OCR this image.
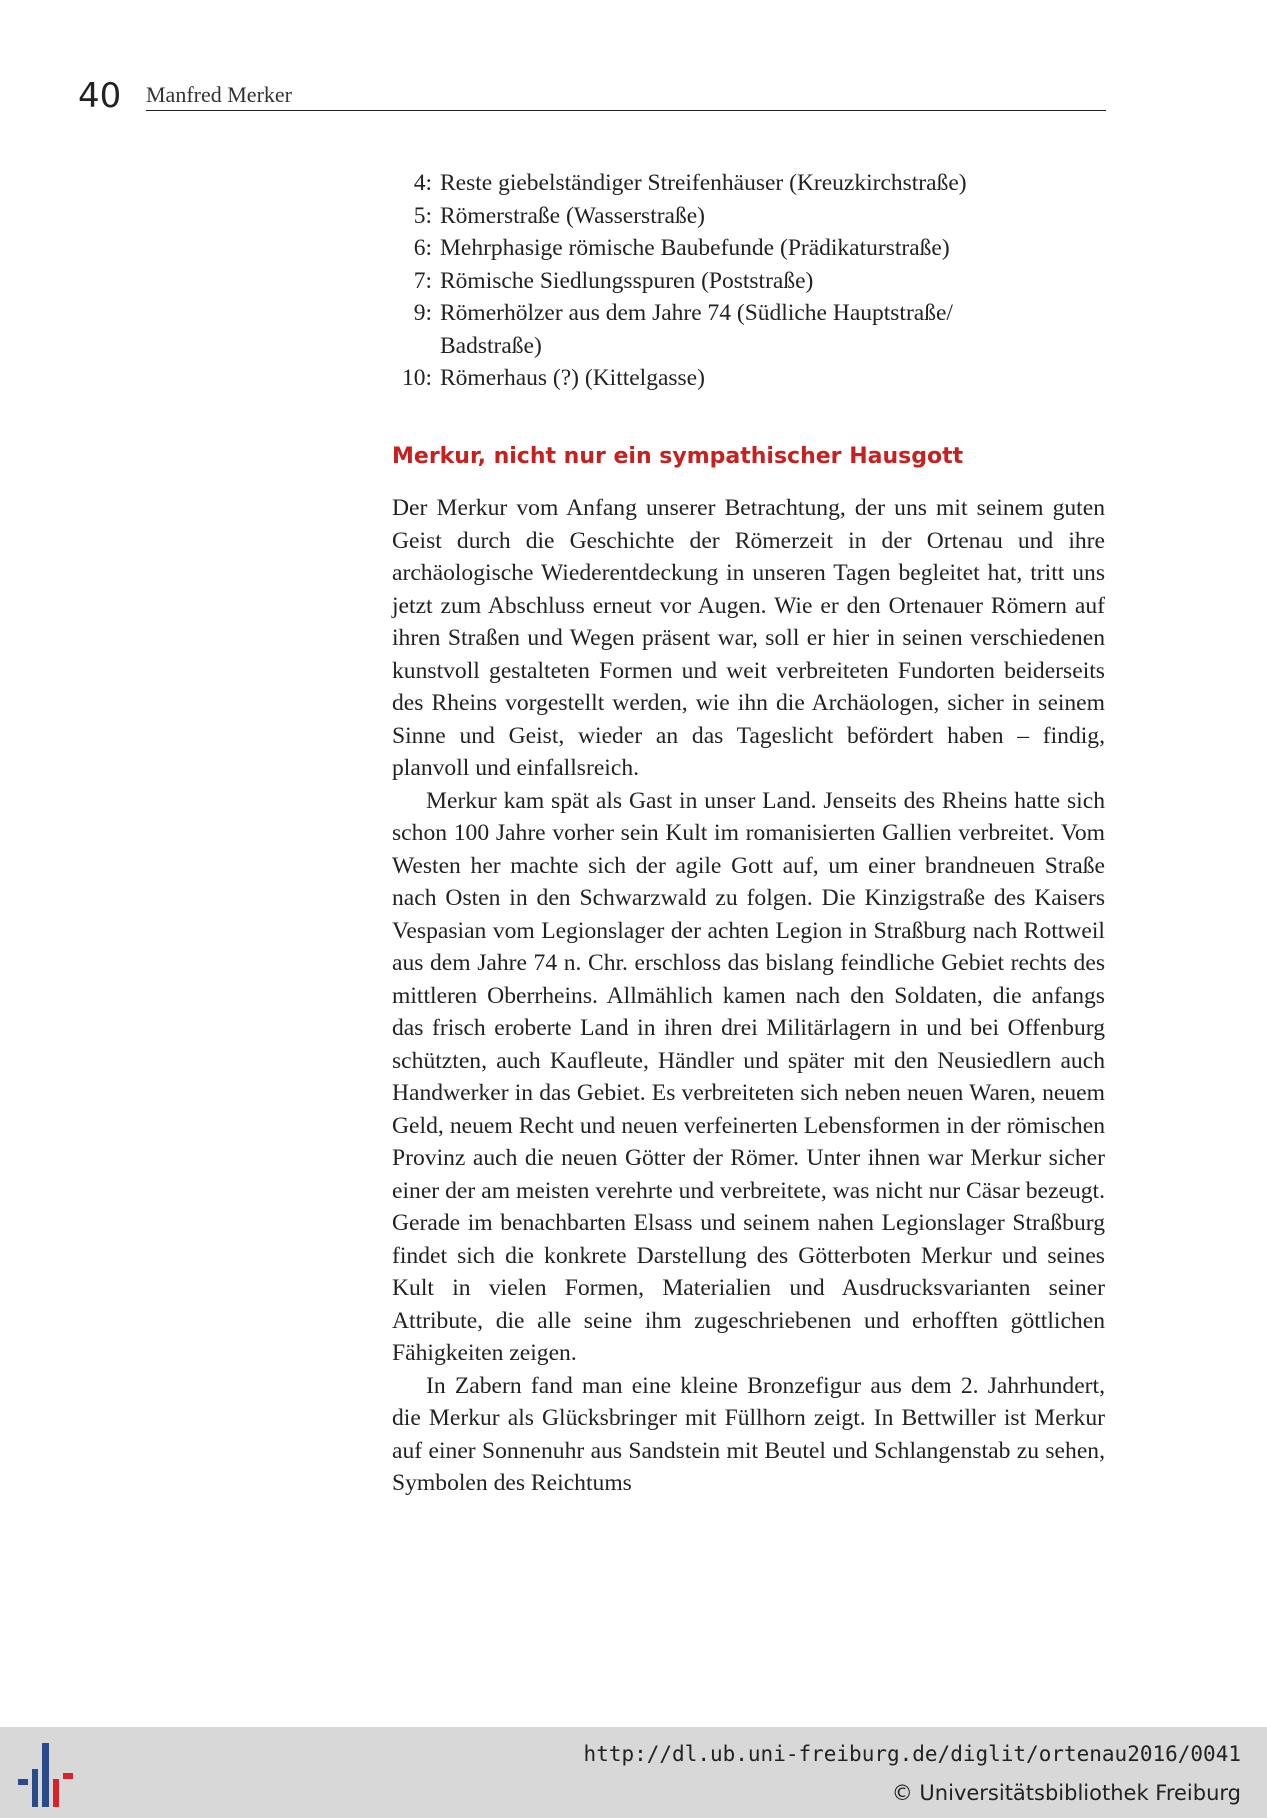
40 Manfred Merker
4: Reste giebelständiger Streifenhäuser (Kreuzkirchstraße)
5: Römerstraße (Wasserstraße)
6: Mehrphasige römische Baubefunde (Prädikaturstraße)
7: Römische Siedlungsspuren (Poststraße)
9: Römerhölzer aus dem Jahre 74 (Südliche Hauptstraße/ Badstraße)
10: Römerhaus (?) (Kittelgasse)
Merkur, nicht nur ein sympathischer Hausgott

Der Merkur vom Anfang unserer Betrachtung, der uns mit seinem guten Geist durch die Geschichte der Römerzeit in der Ortenau und ihre archäologische Wiederentdeckung in unseren Tagen begleitet hat, tritt uns jetzt zum Abschluss erneut vor Augen. Wie er den Ortenauer Römern auf ihren Straßen und Wegen präsent war, soll er hier in seinen verschiedenen kunstvoll gestalteten Formen und weit verbreiteten Fundorten beiderseits des Rheins vorgestellt werden, wie ihn die Archäologen, sicher in seinem Sinne und Geist, wieder an das Tageslicht befördert haben – findig, planvoll und einfallsreich.

Merkur kam spät als Gast in unser Land. Jenseits des Rheins hatte sich schon 100 Jahre vorher sein Kult im romanisierten Gallien verbreitet. Vom Westen her machte sich der agile Gott auf, um einer brandneuen Straße nach Osten in den Schwarzwald zu folgen. Die Kinzigstraße des Kaisers Vespasian vom Legionslager der achten Legion in Straßburg nach Rottweil aus dem Jahre 74 n. Chr. erschloss das bislang feindliche Gebiet rechts des mittleren Oberrheins. Allmählich kamen nach den Soldaten, die anfangs das frisch eroberte Land in ihren drei Militärlagern in und bei Offenburg schützten, auch Kaufleute, Händler und später mit den Neusiedlern auch Handwerker in das Gebiet. Es verbreiteten sich neben neuen Waren, neuem Geld, neuem Recht und neuen verfeinerten Lebensformen in der römischen Provinz auch die neuen Götter der Römer. Unter ihnen war Merkur sicher einer der am meisten verehrte und verbreitete, was nicht nur Cäsar bezeugt. Gerade im benachbarten Elsass und seinem nahen Legionslager Straßburg findet sich die konkrete Darstellung des Götterboten Merkur und seines Kult in vielen Formen, Materialien und Ausdrucksvarianten seiner Attribute, die alle seine ihm zugeschriebenen und erhofften göttlichen Fähigkeiten zeigen.

In Zabern fand man eine kleine Bronzefigur aus dem 2. Jahrhundert, die Merkur als Glücksbringer mit Füllhorn zeigt. In Bettwiller ist Merkur auf einer Sonnenuhr aus Sandstein mit Beutel und Schlangenstab zu sehen, Symbolen des Reichtums

http://dl.ub.uni-freiburg.de/diglit/ortenau2016/0041
© Universitätsbibliothek Freiburg
